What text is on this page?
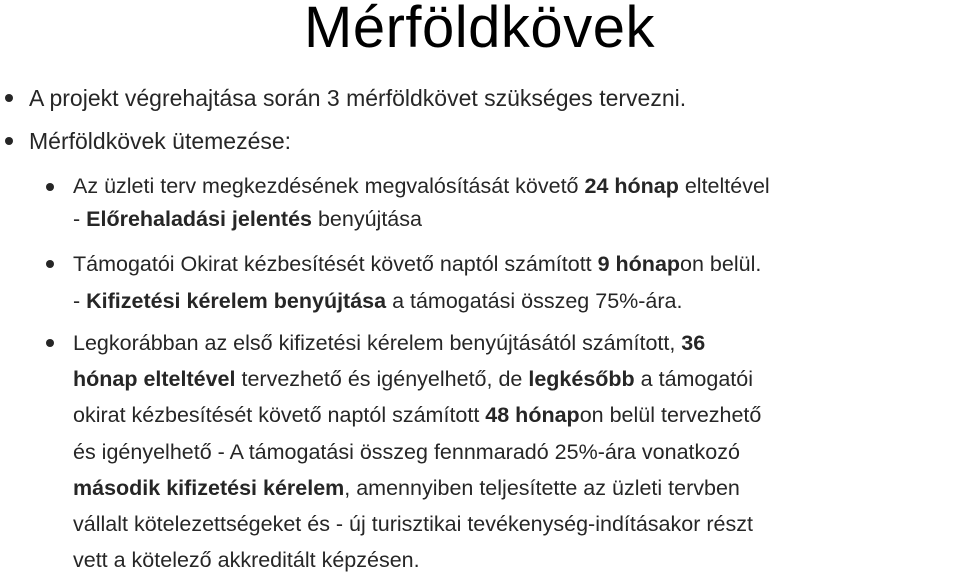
Mérföldkövek
A projekt végrehajtása során 3 mérföldkövet szükséges tervezni.
Mérföldkövek ütemezése:
Az üzleti terv megkezdésének megvalósítását követő 24 hónap elteltével
- Előrehaladási jelentés benyújtása
Támogatói Okirat kézbesítését követő naptól számított 9 hónapon belül.
- Kifizetési kérelem benyújtása a támogatási összeg 75%-ára.
Legkorábban az első kifizetési kérelem benyújtásától számított, 36
hónap elteltével tervezhető és igényelhető, de legkésőbb a támogatói
okirat kézbesítését követő naptól számított 48 hónapon belül tervezhető
és igényelhető - A támogatási összeg fennmaradó 25%-ára vonatkozó
második kifizetési kérelem, amennyiben teljesítette az üzleti tervben
vállalt kötelezettségeket és - új turisztikai tevékenység-indításakor részt
vett a kötelező akkreditált képzésen.
